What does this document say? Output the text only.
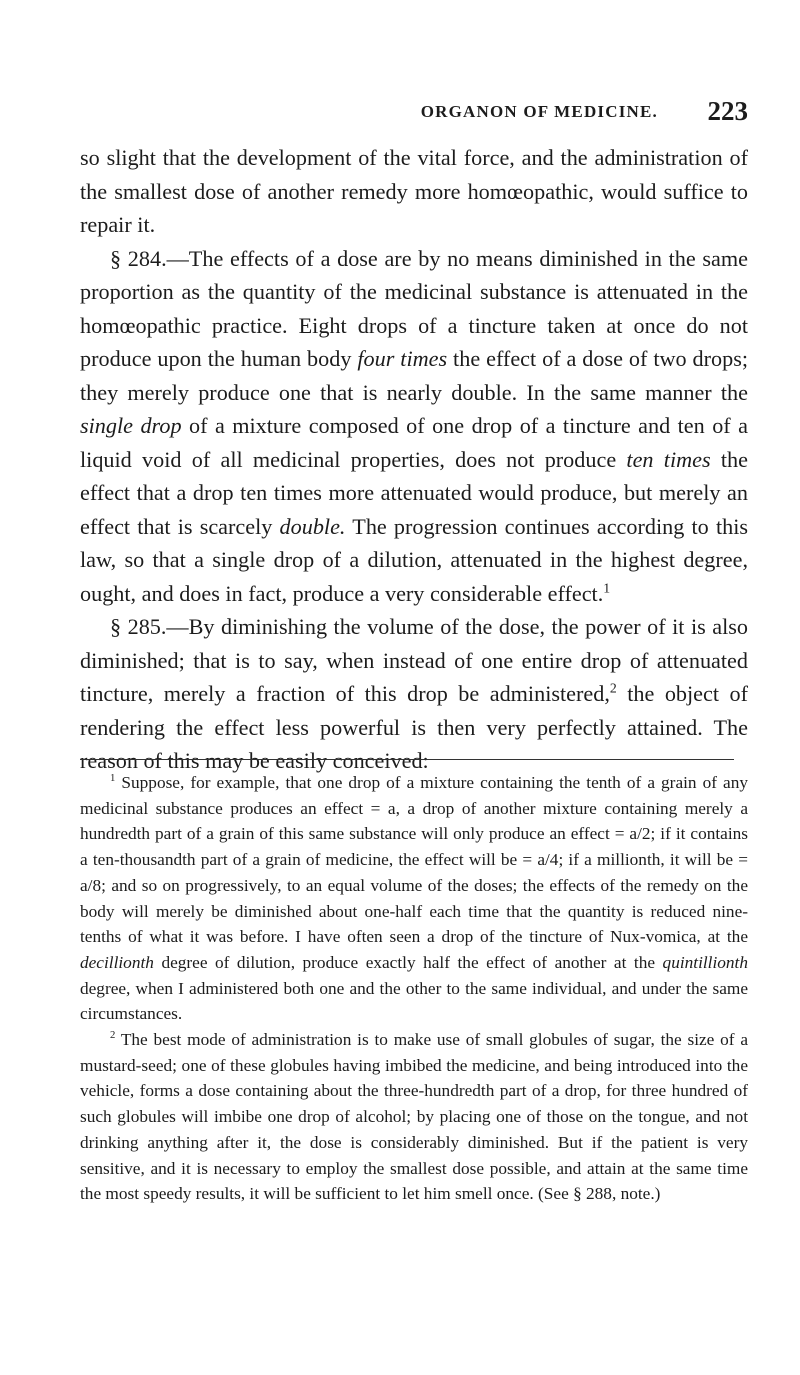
ORGANON OF MEDICINE. 223

so slight that the development of the vital force, and the administration of the smallest dose of another remedy more homœopathic, would suffice to repair it.

§ 284.—The effects of a dose are by no means diminished in the same proportion as the quantity of the medicinal substance is attenuated in the homœopathic practice. Eight drops of a tincture taken at once do not produce upon the human body four times the effect of a dose of two drops; they merely produce one that is nearly double. In the same manner the single drop of a mixture composed of one drop of a tincture and ten of a liquid void of all medicinal properties, does not produce ten times the effect that a drop ten times more attenuated would produce, but merely an effect that is scarcely double. The progression continues according to this law, so that a single drop of a dilution, attenuated in the highest degree, ought, and does in fact, produce a very considerable effect.$^1$

§ 285.—By diminishing the volume of the dose, the power of it is also diminished; that is to say, when instead of one entire drop of attenuated tincture, merely a fraction of this drop be administered,$^2$ the object of rendering the effect less powerful is then very perfectly attained. The reason of this may be easily conceived:

$^1$ Suppose, for example, that one drop of a mixture containing the tenth of a grain of any medicinal substance produces an effect = a, a drop of another mixture containing merely a hundredth part of a grain of this same substance will only produce an effect = a/2; if it contains a ten-thousandth part of a grain of medicine, the effect will be = a/4; if a millionth, it will be = a/8; and so on progressively, to an equal volume of the doses; the effects of the remedy on the body will merely be diminished about one-half each time that the quantity is reduced nine-tenths of what it was before. I have often seen a drop of the tincture of Nux-vomica, at the decillionth degree of dilution, produce exactly half the effect of another at the quintillionth degree, when I administered both one and the other to the same individual, and under the same circumstances.

$^2$ The best mode of administration is to make use of small globules of sugar, the size of a mustard-seed; one of these globules having imbibed the medicine, and being introduced into the vehicle, forms a dose containing about the three-hundredth part of a drop, for three hundred of such globules will imbibe one drop of alcohol; by placing one of those on the tongue, and not drinking anything after it, the dose is considerably diminished. But if the patient is very sensitive, and it is necessary to employ the smallest dose possible, and attain at the same time the most speedy results, it will be sufficient to let him smell once. (See § 288, note.)
